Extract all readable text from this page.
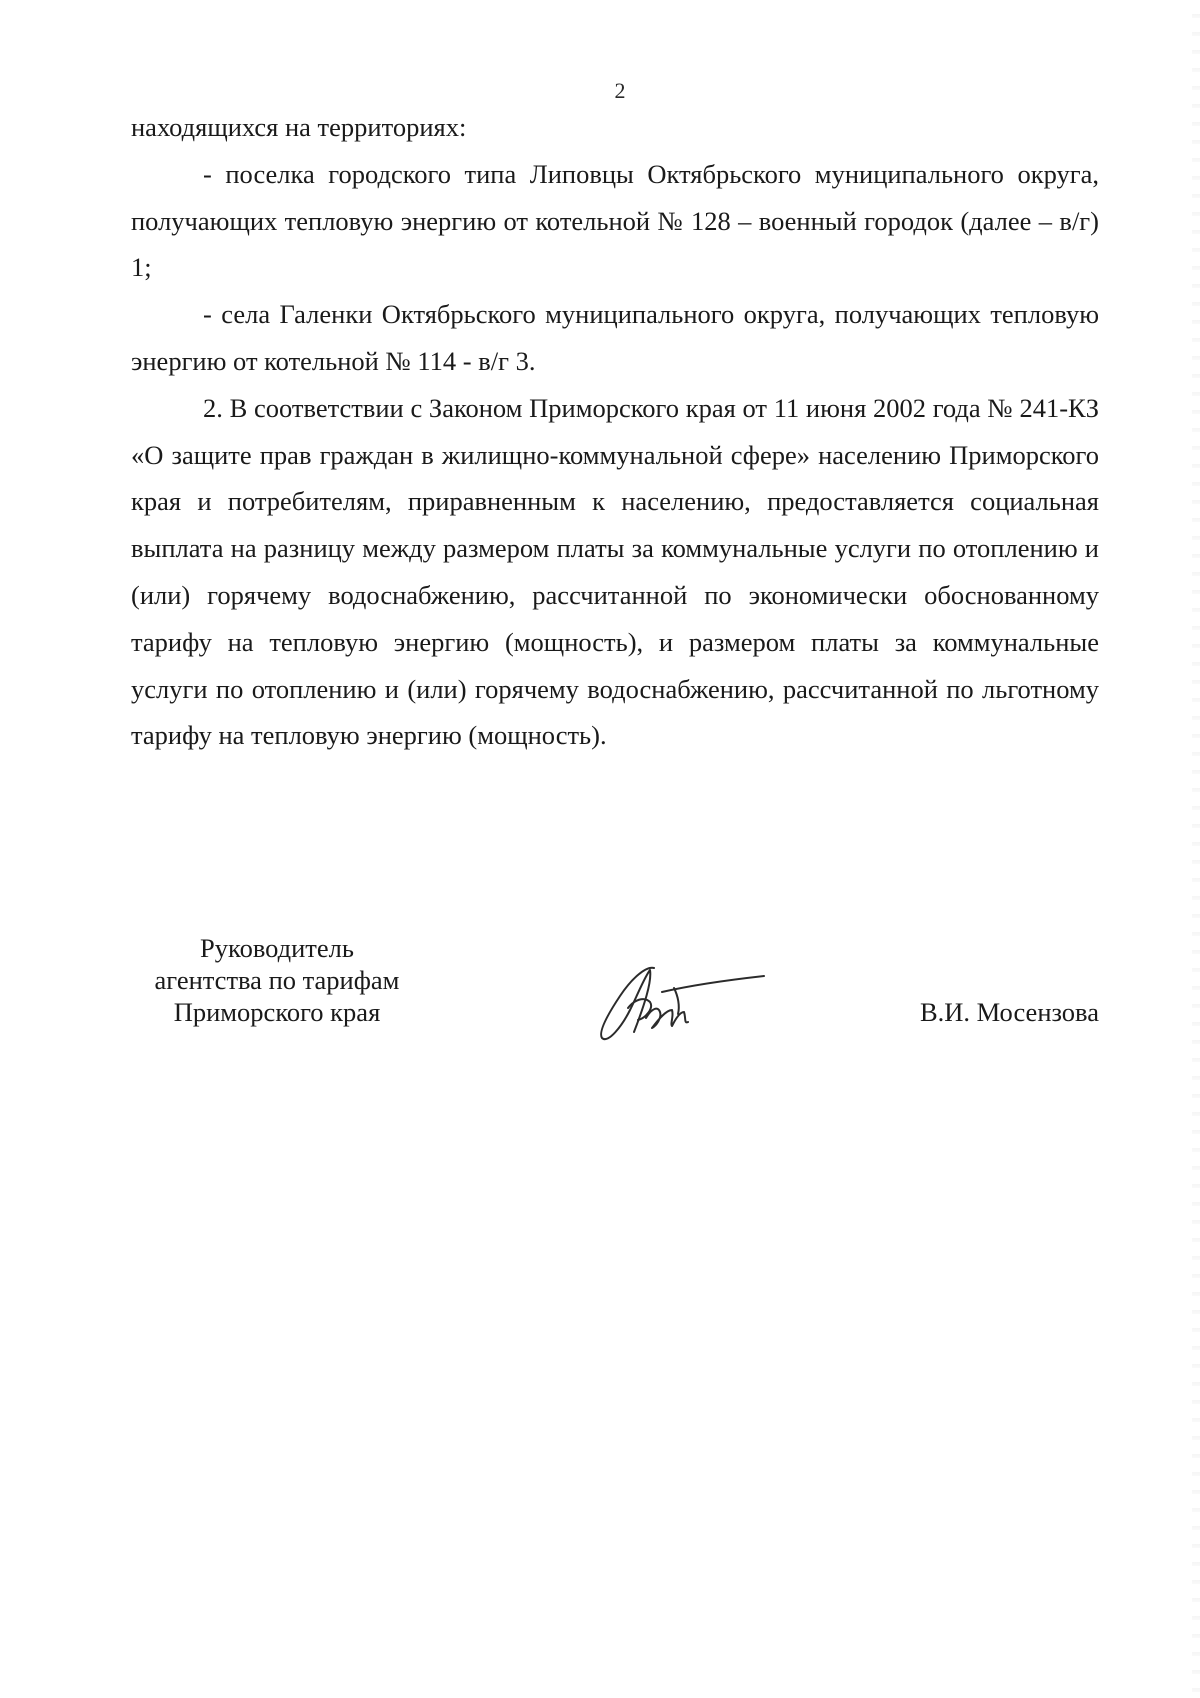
2

находящихся на территориях:

- поселка городского типа Липовцы Октябрьского муниципального округа, получающих тепловую энергию от котельной № 128 – военный городок (далее – в/г) 1;

- села Галенки Октябрьского муниципального округа, получающих тепловую энергию от котельной № 114 - в/г 3.

2. В соответствии с Законом Приморского края от 11 июня 2002 года № 241-КЗ «О защите прав граждан в жилищно-коммунальной сфере» населению Приморского края и потребителям, приравненным к населению, предоставляется социальная выплата на разницу между размером платы за коммунальные услуги по отоплению и (или) горячему водоснабжению, рассчитанной по экономически обоснованному тарифу на тепловую энергию (мощность), и размером платы за коммунальные услуги по отоплению и (или) горячему водоснабжению, рассчитанной по льготному тарифу на тепловую энергию (мощность).

Руководитель
агентства по тарифам
Приморского края	В.И. Мосензова
